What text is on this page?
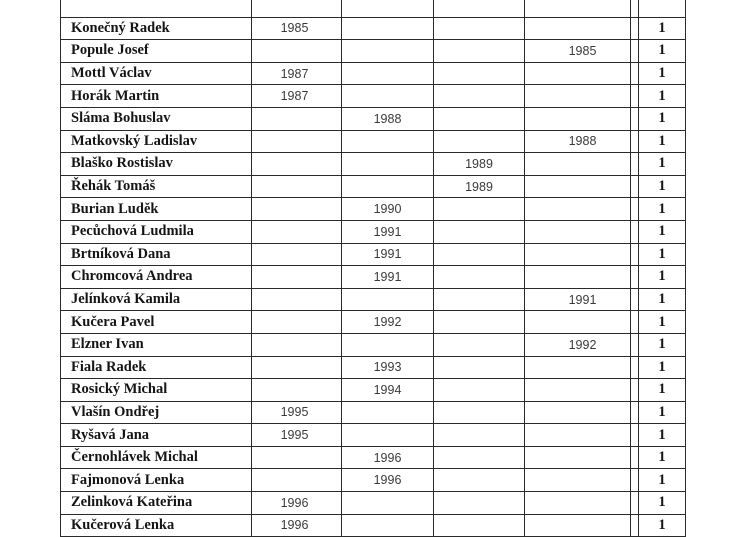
Konečný Radek	1985					1
Popule Josef				1985		1
Mottl Václav	1987					1
Horák Martin	1987					1
Sláma Bohuslav		1988				1
Matkovský Ladislav				1988		1
Blaško Rostislav			1989			1
Řehák Tomáš			1989			1
Burian Luděk		1990				1
Pecůchová Ludmila		1991				1
Brtníková Dana		1991				1
Chromcová Andrea		1991				1
Jelínková Kamila				1991		1
Kučera Pavel		1992				1
Elzner Ivan				1992		1
Fiala Radek		1993				1
Rosický Michal		1994				1
Vlašín Ondřej	1995					1
Ryšavá Jana	1995					1
Černohlávek Michal		1996				1
Fajmonová Lenka		1996				1
Zelinková Kateřina	1996					1
Kučerová Lenka	1996					1
